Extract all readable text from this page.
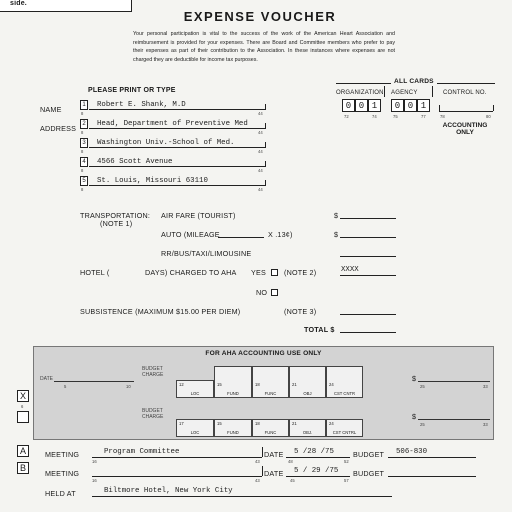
side.
EXPENSE VOUCHER
Your personal participation is vital to the success of the work of the American Heart Association and reimbursement is provided for your expenses. There are Board and Committee members who prefer to pay their expenses as part of their contribution to the Association. In these instances where expenses are not charged they are deductible for income tax purposes.
PLEASE PRINT OR TYPE
ALL CARDS
ORGANIZATION AGENCY	CONTROL NO.
0 0 1	0 0 1
72	74	75	77	78	80
ACCOUNTING
ONLY
NAME
ADDRESS
1	Robert E. Shank, M.D
8	44
2	Head, Department of Preventive Med
8	44
3	Washington Univ.-School of Med.
8	44
4	4566 Scott Avenue
8	44
5	St. Louis, Missouri 63110
8	44
TRANSPORTATION:
(NOTE 1)
AIR FARE (TOURIST)	$
AUTO (MILEAGE	X .13¢)	$
RR/BUS/TAXI/LIMOUSINE
HOTEL (	DAYS) CHARGED TO AHA YES	(NOTE 2)	XXXX
NO
SUBSISTENCE (MAXIMUM $15.00 PER DIEM)	(NOTE 3)
TOTAL $
FOR AHA ACCOUNTING USE ONLY
DATE
5	10
BUDGET
CHARGE
12
LOC
15
FUND
18
FUNC
21
OBJ
24
CST CNTR
$
25	33
BUDGET
CHARGE
17
LOC
15
FUND
18
FUNC
21
OBJ.
24
CST CNTRL
$
25	33
X
6
A	MEETING	Program Committee	DATE 5 /28 /75	BUDGET 506-830
16	43	48	52
B
MEETING	DATE 5 / 29 /75 BUDGET
16	43	45	57
HELD AT	Biltmore Hotel, New York City
